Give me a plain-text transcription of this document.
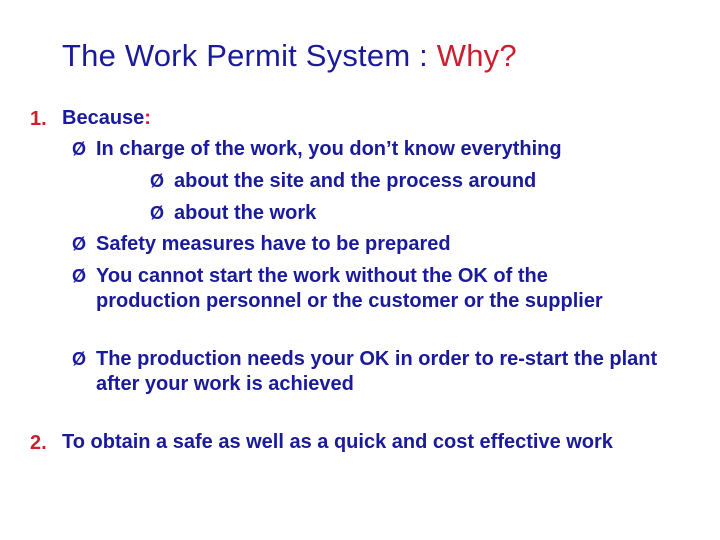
The Work Permit System : Why?
1. Because:
Ø In charge of the work, you don’t know everything
Ø about the site and the process around
Ø about the work
Ø Safety measures have to be prepared
Ø You cannot start the work without the OK of the production personnel or the customer or the supplier
Ø The production needs your OK in order to re-start the plant after your work is achieved
2. To obtain a safe as well as a quick and cost effective work
